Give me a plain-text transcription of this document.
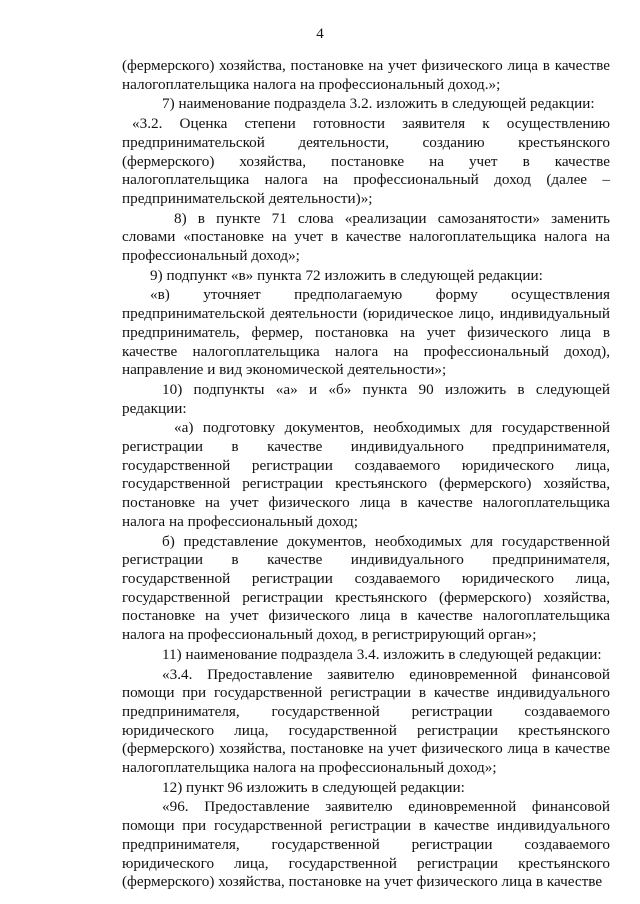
4

(фермерского) хозяйства, постановке на учет физического лица в качестве налогоплательщика налога на профессиональный доход.»;

7) наименование подраздела 3.2. изложить в следующей редакции:

«3.2. Оценка степени готовности заявителя к осуществлению предпринимательской деятельности, созданию крестьянского (фермерского) хозяйства, постановке на учет в качестве налогоплательщика налога на профессиональный доход (далее – предпринимательской деятельности)»;

8) в пункте 71 слова «реализации самозанятости» заменить словами «постановке на учет в качестве налогоплательщика налога на профессиональный доход»;

9) подпункт «в» пункта 72 изложить в следующей редакции:

«в) уточняет предполагаемую форму осуществления предпринимательской деятельности (юридическое лицо, индивидуальный предприниматель, фермер, постановка на учет физического лица в качестве налогоплательщика налога на профессиональный доход), направление и вид экономической деятельности»;

10) подпункты «а» и «б» пункта 90 изложить в следующей редакции:

«а) подготовку документов, необходимых для государственной регистрации в качестве индивидуального предпринимателя, государственной регистрации создаваемого юридического лица, государственной регистрации крестьянского (фермерского) хозяйства, постановке на учет физического лица в качестве налогоплательщика налога на профессиональный доход;

б) представление документов, необходимых для государственной регистрации в качестве индивидуального предпринимателя, государственной регистрации создаваемого юридического лица, государственной регистрации крестьянского (фермерского) хозяйства, постановке на учет физического лица в качестве налогоплательщика налога на профессиональный доход, в регистрирующий орган»;

11) наименование подраздела 3.4. изложить в следующей редакции:

«3.4. Предоставление заявителю единовременной финансовой помощи при государственной регистрации в качестве индивидуального предпринимателя, государственной регистрации создаваемого юридического лица, государственной регистрации крестьянского (фермерского) хозяйства, постановке на учет физического лица в качестве налогоплательщика налога на профессиональный доход»;

12) пункт 96 изложить в следующей редакции:

«96. Предоставление заявителю единовременной финансовой помощи при государственной регистрации в качестве индивидуального предпринимателя, государственной регистрации создаваемого юридического лица, государственной регистрации крестьянского (фермерского) хозяйства, постановке на учет физического лица в качестве
